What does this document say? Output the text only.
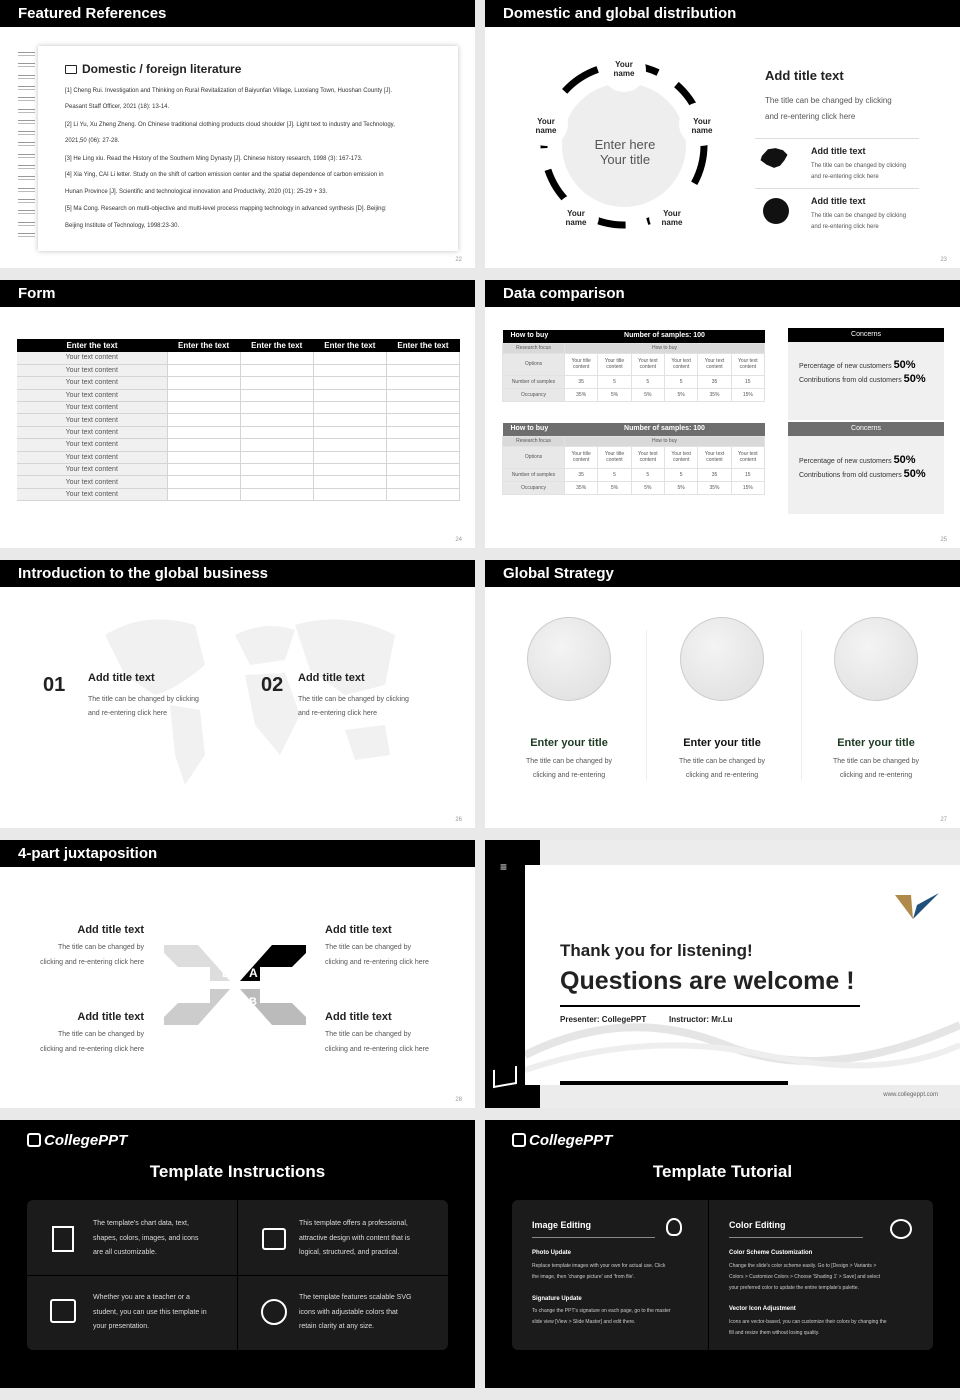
Featured References
Domestic / foreign literature
[1] Cheng Rui. Investigation and Thinking on Rural Revitalization of Baiyunfan Village, Luoxiang Town, Huoshan County [J].
Peasant Staff Officer, 2021 (18): 13-14.
[2] Li Yu, Xu Zheng Zheng. On Chinese traditional clothing products cloud shoulder [J]. Light text to industry and Technology,
2021,50 (06): 27-28.
[3] He Ling xiu. Read the History of the Southern Ming Dynasty [J]. Chinese history research, 1998 (3): 167-173.
[4] Xia Ying, CAI Li letter. Study on the shift of carbon emission center and the spatial dependence of carbon emission in
Hunan Province [J]. Scientific and technological innovation and Productivity, 2020 (01): 25-29 + 33.
[5] Ma Cong. Research on multi-objective and multi-level process mapping technology in advanced synthesis [D]. Beijing:
Beijing Institute of Technology, 1998:23-30.
22
Domestic and global distribution
Enter here
Your title
Your
name
Your
name
Your
name
Your
name
Your
name
Add title text
The title can be changed by clicking
and re-entering click here
Add title text
The title can be changed by clicking
and re-entering click here
Add title text
The title can be changed by clicking
and re-entering click here
23
Form
24
Enter the text	Enter the text	Enter the text	Enter the text	Enter the text
Your text content				
Your text content				
Your text content				
Your text content				
Your text content				
Your text content				
Your text content				
Your text content				
Your text content				
Your text content				
Your text content				
Your text content				
Data comparison
25
How to buy	Number of samples: 100					
Research focus	How to buy					
Options	Your title content	Your title content	Your text content	Your text content	Your text content	Your text content
Number of samples	35	5	5	5	35	15
Occupancy	35%	5%	5%	5%	35%	15%
How to buy	Number of samples: 100					
Research focus	How to buy					
Options	Your title content	Your title content	Your text content	Your text content	Your text content	Your text content
Number of samples	35	5	5	5	35	15
Occupancy	35%	5%	5%	5%	35%	15%
Concerns
Percentage of new customers 50%
Contributions from old customers 50%
Concerns
Percentage of new customers 50%
Contributions from old customers 50%
Introduction to the global business
01 Add title text
The title can be changed by clicking
and re-entering click here
02 Add title text
The title can be changed by clicking
and re-entering click here
26
Global Strategy
Enter your title
The title can be changed by
clicking and re-entering
Enter your title
The title can be changed by
clicking and re-entering
Enter your title
The title can be changed by
clicking and re-entering
27
4-part juxtaposition
Add title text
The title can be changed by
clicking and re-entering click here
Add title text
The title can be changed by
clicking and re-entering click here
Add title text
The title can be changed by
clicking and re-entering click here
Add title text
The title can be changed by
clicking and re-entering click here
D A
C B
28
≡
Thank you for listening!
Questions are welcome !
Presenter: CollegePPT	Instructor: Mr.Lu
www.collegeppt.com
CollegePPT
Template Instructions
The template's chart data, text,
shapes, colors, images, and icons
are all customizable.
This template offers a professional,
attractive design with content that is
logical, structured, and practical.
Whether you are a teacher or a
student, you can use this template in
your presentation.
The template features scalable SVG
icons with adjustable colors that
retain clarity at any size.
CollegePPT
Template Tutorial
Image Editing
Photo Update
Replace template images with your own for actual use. Click
the image, then 'change picture' and 'from file'.
Signature Update
To change the PPT's signature on each page, go to the master
slide view [View > Slide Master] and edit there.
Color Editing
Color Scheme Customization
Change the slide's color scheme easily. Go to [Design > Variants >
Colors > Customize Colors > Choose 'Shading 1' > Save] and select
your preferred color to update the entire template's palette.
Vector Icon Adjustment
Icons are vector-based, you can customize their colors by changing the
fill and resize them without losing quality.
